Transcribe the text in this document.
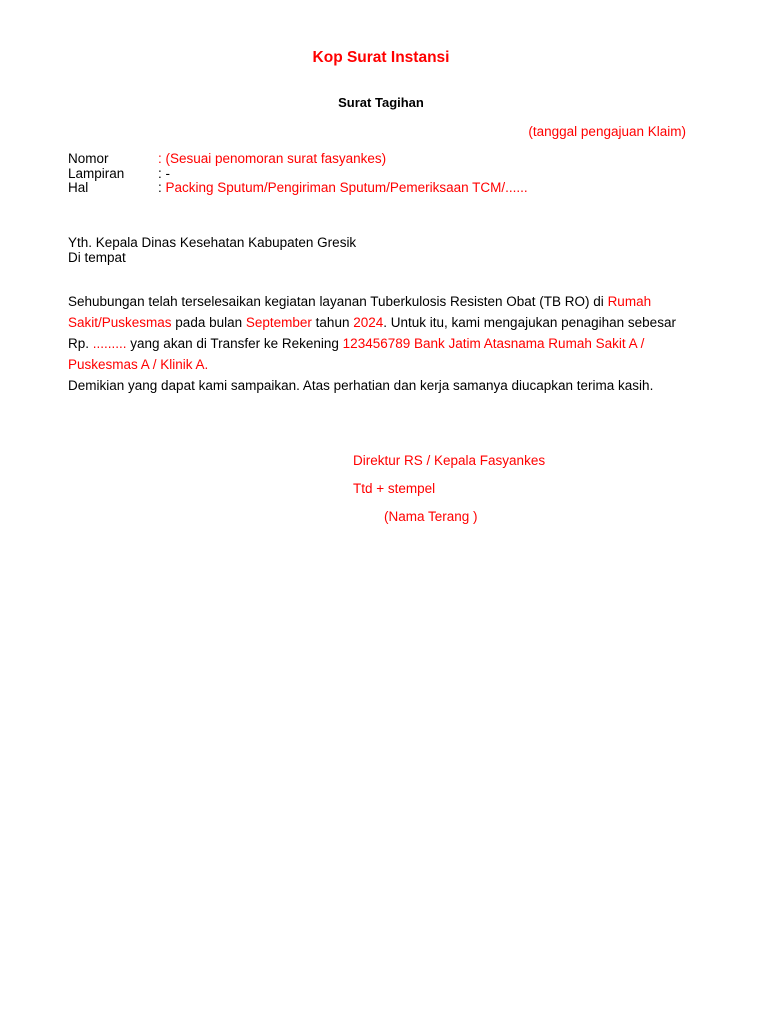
Kop Surat Instansi
Surat Tagihan
(tanggal pengajuan Klaim)
Nomor	: (Sesuai penomoran surat fasyankes)
Lampiran	: -
Hal	: Packing Sputum/Pengiriman Sputum/Pemeriksaan TCM/......
Yth. Kepala Dinas Kesehatan Kabupaten Gresik
Di tempat
Sehubungan telah terselesaikan kegiatan layanan Tuberkulosis Resisten Obat (TB RO) di Rumah Sakit/Puskesmas pada bulan September tahun 2024. Untuk itu, kami mengajukan penagihan sebesar Rp. ......... yang akan di Transfer ke Rekening 123456789 Bank Jatim Atasnama Rumah Sakit A / Puskesmas A / Klinik A.
Demikian yang dapat kami sampaikan. Atas perhatian dan kerja samanya diucapkan terima kasih.
Direktur RS / Kepala Fasyankes
Ttd + stempel
(Nama Terang )
